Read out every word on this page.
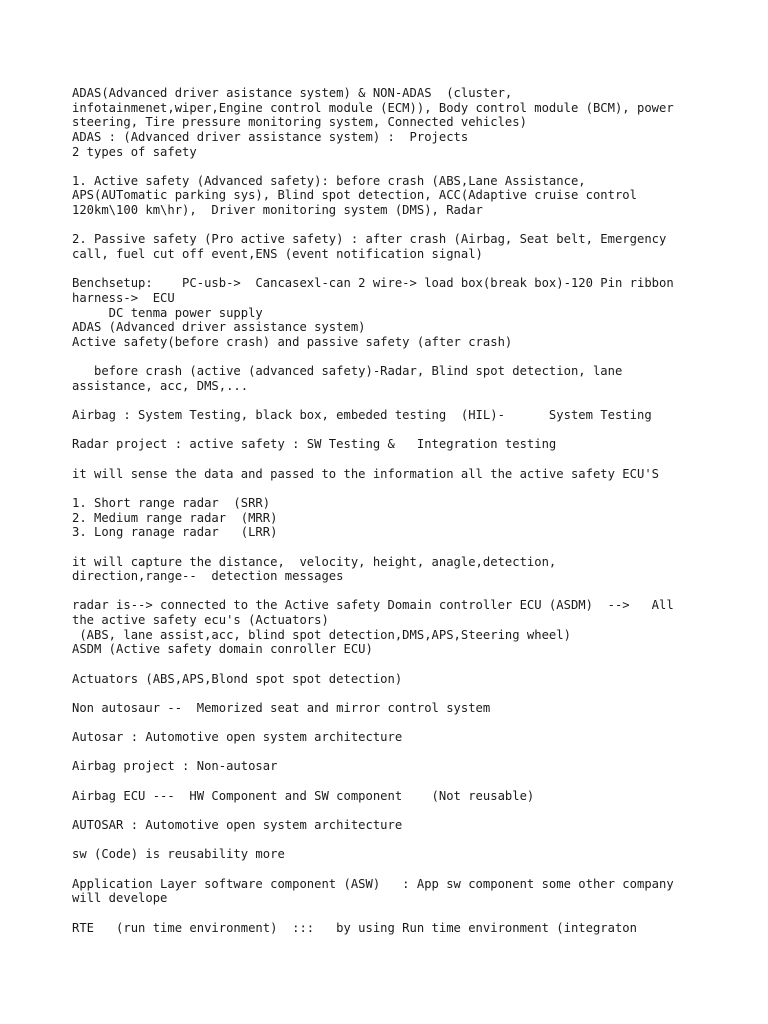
ADAS(Advanced driver asistance system) & NON-ADAS  (cluster,
infotainmenet,wiper,Engine control module (ECM)), Body control module (BCM), power
steering, Tire pressure monitoring system, Connected vehicles)
ADAS : (Advanced driver assistance system) :  Projects
2 types of safety
1. Active safety (Advanced safety): before crash (ABS,Lane Assistance,
APS(AUTomatic parking sys), Blind spot detection, ACC(Adaptive cruise control
120km\100 km\hr),  Driver monitoring system (DMS), Radar
2. Passive safety (Pro active safety) : after crash (Airbag, Seat belt, Emergency
call, fuel cut off event,ENS (event notification signal)
Benchsetup:    PC-usb->  Cancasexl-can 2 wire-> load box(break box)-120 Pin ribbon
harness->  ECU
DC tenma power supply
ADAS (Advanced driver assistance system)
Active safety(before crash) and passive safety (after crash)
before crash (active (advanced safety)-Radar, Blind spot detection, lane
assistance, acc, DMS,...
Airbag : System Testing, black box, embeded testing  (HIL)-      System Testing
Radar project : active safety : SW Testing &   Integration testing
it will sense the data and passed to the information all the active safety ECU'S
1. Short range radar  (SRR)
2. Medium range radar  (MRR)
3. Long ranage radar   (LRR)
it will capture the distance,  velocity, height, anagle,detection,
direction,range--  detection messages
radar is--> connected to the Active safety Domain controller ECU (ASDM)  -->   All
the active safety ecu's (Actuators)
(ABS, lane assist,acc, blind spot detection,DMS,APS,Steering wheel)
ASDM (Active safety domain conroller ECU)
Actuators (ABS,APS,Blond spot spot detection)
Non autosaur --  Memorized seat and mirror control system
Autosar : Automotive open system architecture
Airbag project : Non-autosar
Airbag ECU ---  HW Component and SW component    (Not reusable)
AUTOSAR : Automotive open system architecture
sw (Code) is reusability more
Application Layer software component (ASW)   : App sw component some other company
will develope
RTE   (run time environment)  :::   by using Run time environment (integraton
